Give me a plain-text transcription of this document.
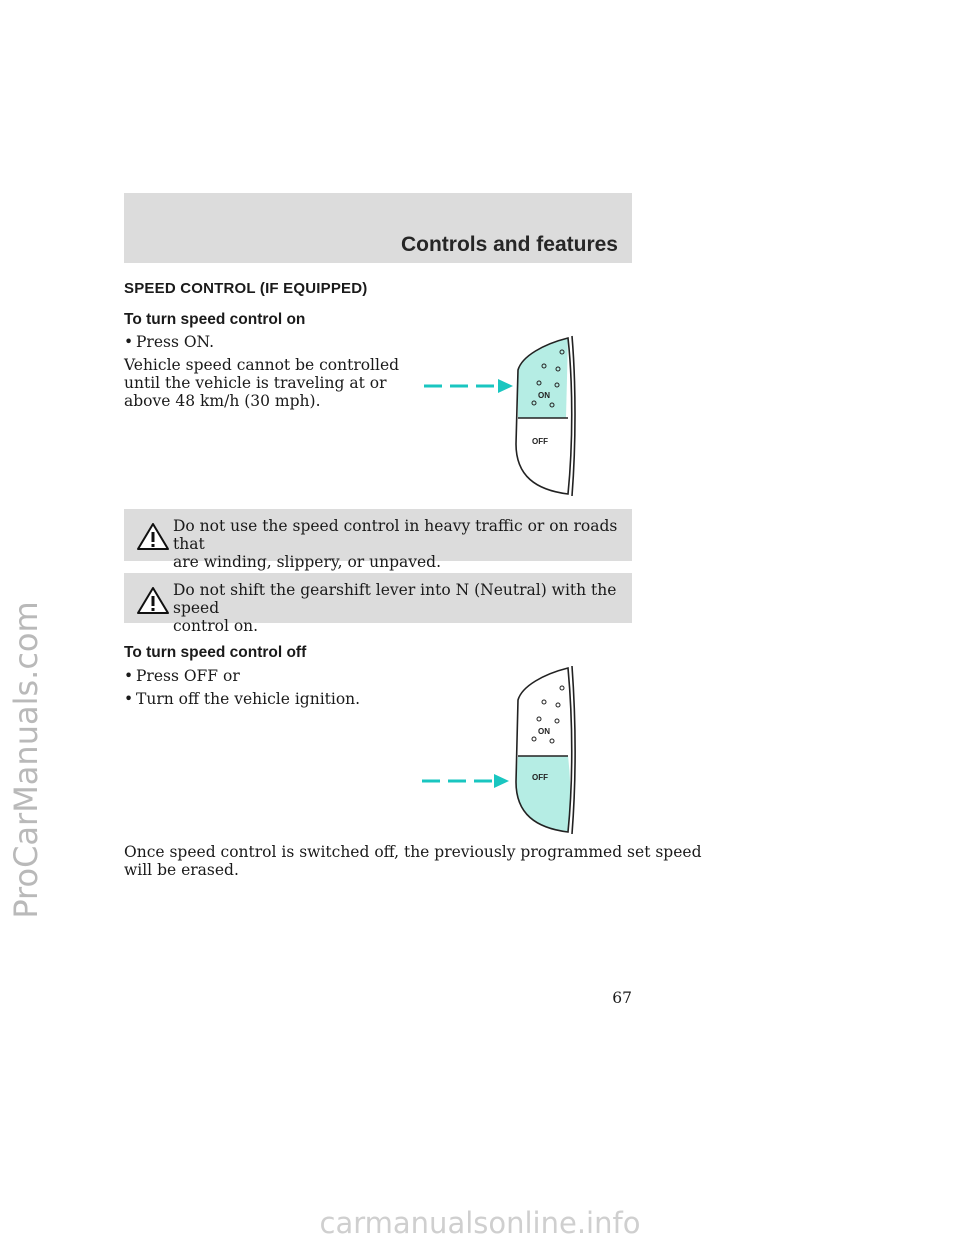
ProCarManuals.com
Controls and features
SPEED CONTROL (IF EQUIPPED)
To turn speed control on
• Press ON.
Vehicle speed cannot be controlled
until the vehicle is traveling at or
above 48 km/h (30 mph).	ON
OFF
Do not use the speed control in heavy traffic or on roads that
are winding, slippery, or unpaved.
Do not shift the gearshift lever into N (Neutral) with the speed
control on.
To turn speed control off
• Press OFF or
• Turn off the vehicle ignition.
ON
OFF
Once speed control is switched off, the previously programmed set speed
will be erased.
67
carmanualsonline.info
